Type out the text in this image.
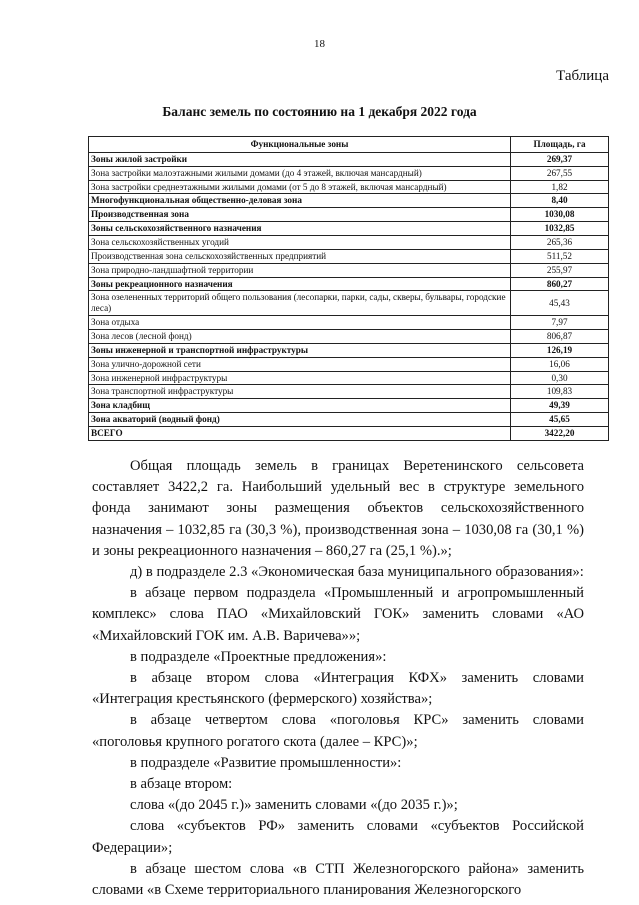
18
Таблица
Баланс земель по состоянию на 1 декабря 2022 года
Функциональные зоны	Площадь, га
Зоны жилой застройки	269,37
Зона застройки малоэтажными жилыми домами (до 4 этажей, включая мансардный)	267,55
Зона застройки среднеэтажными жилыми домами (от 5 до 8 этажей, включая мансардный)	1,82
Многофункциональная общественно-деловая зона	8,40
Производственная зона	1030,08
Зоны сельскохозяйственного назначения	1032,85
Зона сельскохозяйственных угодий	265,36
Производственная зона сельскохозяйственных предприятий	511,52
Зона природно-ландшафтной территории	255,97
Зоны рекреационного назначения	860,27
Зона озелененных территорий общего пользования (лесопарки, парки, сады, скверы, бульвары, городские леса)	45,43
Зона отдыха	7,97
Зона лесов (лесной фонд)	806,87
Зоны инженерной и транспортной инфраструктуры	126,19
Зона улично-дорожной сети	16,06
Зона инженерной инфраструктуры	0,30
Зона транспортной инфраструктуры	109,83
Зона кладбищ	49,39
Зона акваторий (водный фонд)	45,65
ВСЕГО	3422,20

Общая площадь земель в границах Веретенинского сельсовета составляет 3422,2 га. Наибольший удельный вес в структуре земельного фонда занимают зоны размещения объектов сельскохозяйственного назначения – 1032,85 га (30,3 %), производственная зона – 1030,08 га (30,1 %) и зоны рекреационного назначения – 860,27 га (25,1 %).»;

д) в подразделе 2.3 «Экономическая база муниципального образования»:

в абзаце первом подраздела «Промышленный и агропромышленный комплекс» слова ПАО «Михайловский ГОК» заменить словами «АО «Михайловский ГОК им. А.В. Варичева»»;

в подразделе «Проектные предложения»:

в абзаце втором слова «Интеграция КФХ» заменить словами «Интеграция крестьянского (фермерского) хозяйства»;

в абзаце четвертом слова «поголовья КРС» заменить словами «поголовья крупного рогатого скота (далее – КРС)»;

в подразделе «Развитие промышленности»:

в абзаце втором:

слова «(до 2045 г.)» заменить словами «(до 2035 г.)»;

слова «субъектов РФ» заменить словами «субъектов Российской Федерации»;

в абзаце шестом слова «в СТП Железногорского района» заменить словами «в Схеме территориального планирования Железногорского
